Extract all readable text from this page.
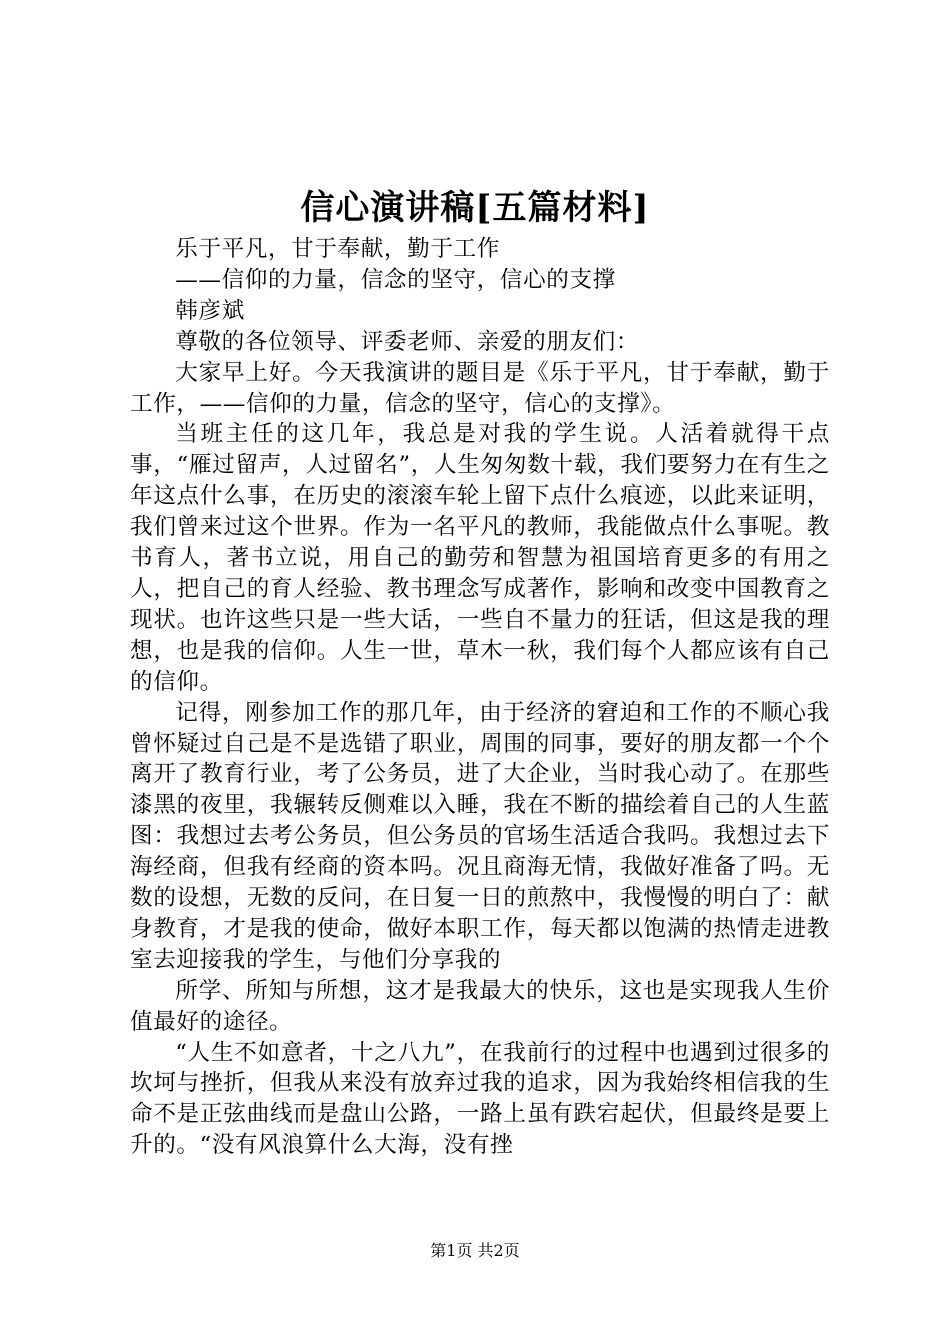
信心演讲稿[五篇材料]

乐于平凡，甘于奉献，勤于工作

——信仰的力量，信念的坚守，信心的支撑

韩彦斌

尊敬的各位领导、评委老师、亲爱的朋友们：

大家早上好。今天我演讲的题目是《乐于平凡，甘于奉献，勤于工作，——信仰的力量，信念的坚守，信心的支撑》。

当班主任的这几年，我总是对我的学生说。人活着就得干点事，“雁过留声，人过留名”，人生匆匆数十载，我们要努力在有生之年这点什么事，在历史的滚滚车轮上留下点什么痕迹，以此来证明，我们曾来过这个世界。作为一名平凡的教师，我能做点什么事呢。教书育人，著书立说，用自己的勤劳和智慧为祖国培育更多的有用之人，把自己的育人经验、教书理念写成著作，影响和改变中国教育之现状。也许这些只是一些大话，一些自不量力的狂话，但这是我的理想，也是我的信仰。人生一世，草木一秋，我们每个人都应该有自己的信仰。

记得，刚参加工作的那几年，由于经济的窘迫和工作的不顺心我曾怀疑过自己是不是选错了职业，周围的同事，要好的朋友都一个个离开了教育行业，考了公务员，进了大企业，当时我心动了。在那些漆黑的夜里，我辗转反侧难以入睡，我在不断的描绘着自己的人生蓝图：我想过去考公务员，但公务员的官场生活适合我吗。我想过去下海经商，但我有经商的资本吗。况且商海无情，我做好准备了吗。无数的设想，无数的反问，在日复一日的煎熬中，我慢慢的明白了：献身教育，才是我的使命，做好本职工作，每天都以饱满的热情走进教室去迎接我的学生，与他们分享我的

所学、所知与所想，这才是我最大的快乐，这也是实现我人生价值最好的途径。

“人生不如意者，十之八九”，在我前行的过程中也遇到过很多的坎坷与挫折，但我从来没有放弃过我的追求，因为我始终相信我的生命不是正弦曲线而是盘山公路，一路上虽有跌宕起伏，但最终是要上升的。“没有风浪算什么大海，没有挫

第1页 共2页
